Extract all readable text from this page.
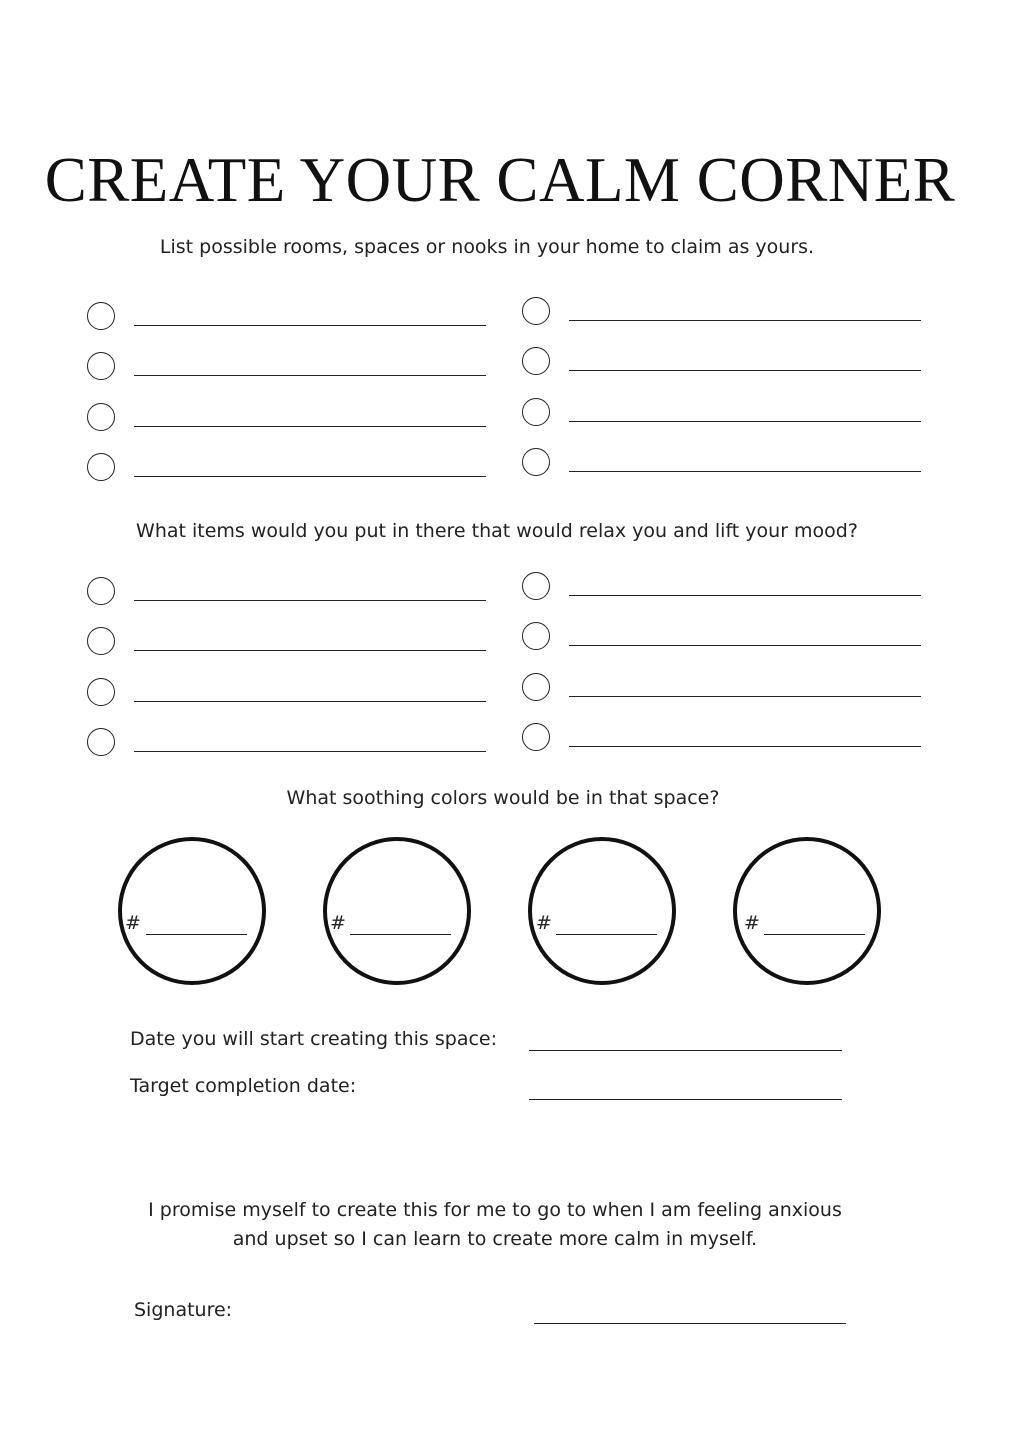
CREATE YOUR CALM CORNER
List possible rooms, spaces or nooks in your home to claim as yours.
What items would you put in there that would relax you and lift your mood?
What soothing colors would be in that space?
#	#	#	#
Date you will start creating this space:
Target completion date:
I promise myself to create this for me to go to when I am feeling anxious
and upset so I can learn to create more calm in myself.
Signature:
